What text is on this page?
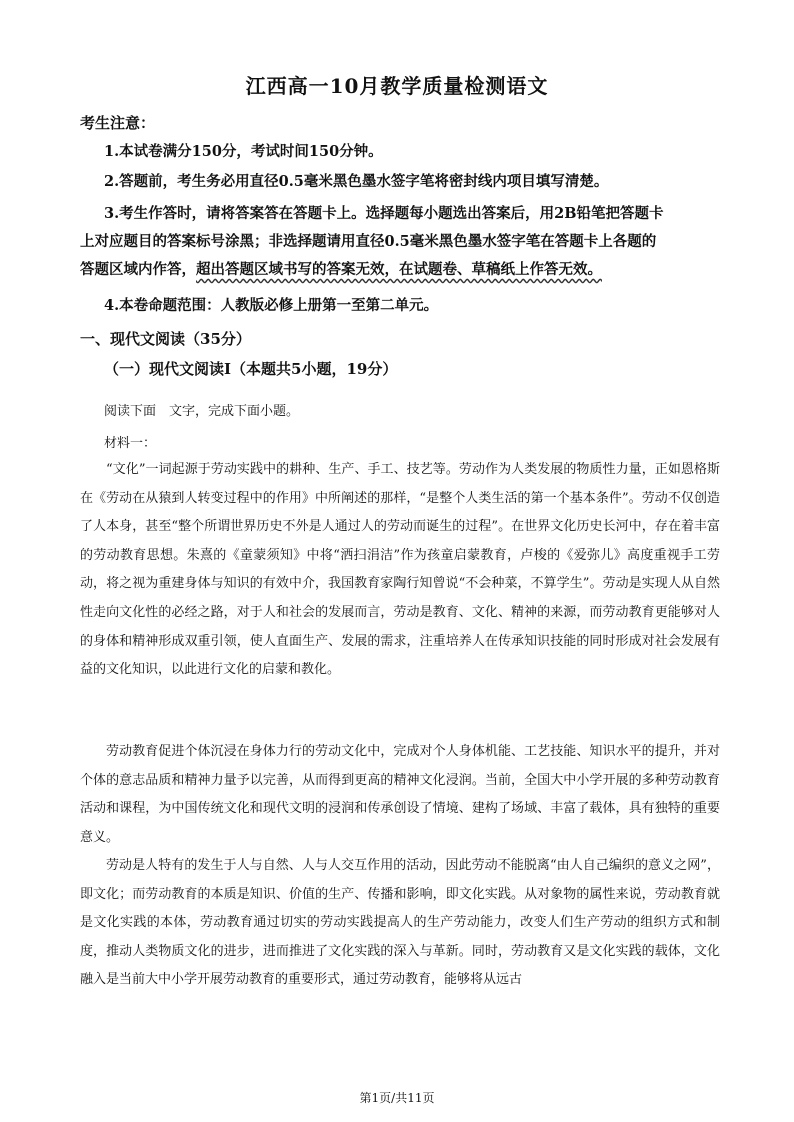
江西高一10月教学质量检测语文
考生注意：
1.本试卷满分150分，考试时间150分钟。
2.答题前，考生务必用直径0.5毫米黑色墨水签字笔将密封线内项目填写清楚。
3.考生作答时，请将答案答在答题卡上。选择题每小题选出答案后，用2B铅笔把答题卡
上对应题目的答案标号涂黑；非选择题请用直径0.5毫米黑色墨水签字笔在答题卡上各题的
答题区域内作答，超出答题区域书写的答案无效，在试题卷、草稿纸上作答无效。
4.本卷命题范围：人教版必修上册第一至第二单元。
一、现代文阅读（35分）
（一）现代文阅读Ⅰ（本题共5小题，19分）
阅读下面　文字，完成下面小题。
材料一：
“文化”一词起源于劳动实践中的耕种、生产、手工、技艺等。劳动作为人类发展的物质性力量，正如恩格斯在《劳动在从猿到人转变过程中的作用》中所阐述的那样，“是整个人类生活的第一个基本条件”。劳动不仅创造了人本身，甚至“整个所谓世界历史不外是人通过人的劳动而诞生的过程”。在世界文化历史长河中，存在着丰富的劳动教育思想。朱熹的《童蒙须知》中将“洒扫涓洁”作为孩童启蒙教育，卢梭的《爱弥儿》高度重视手工劳动，将之视为重建身体与知识的有效中介，我国教育家陶行知曾说“不会种菜，不算学生”。劳动是实现人从自然性走向文化性的必经之路，对于人和社会的发展而言，劳动是教育、文化、精神的来源，而劳动教育更能够对人的身体和精神形成双重引领，使人直面生产、发展的需求，注重培养人在传承知识技能的同时形成对社会发展有益的文化知识，以此进行文化的启蒙和教化。
劳动教育促进个体沉浸在身体力行的劳动文化中，完成对个人身体机能、工艺技能、知识水平的提升，并对个体的意志品质和精神力量予以完善，从而得到更高的精神文化浸润。当前，全国大中小学开展的多种劳动教育活动和课程，为中国传统文化和现代文明的浸润和传承创设了情境、建构了场域、丰富了载体，具有独特的重要意义。
劳动是人特有的发生于人与自然、人与人交互作用的活动，因此劳动不能脱离“由人自己编织的意义之网”，即文化；而劳动教育的本质是知识、价值的生产、传播和影响，即文化实践。从对象物的属性来说，劳动教育就是文化实践的本体，劳动教育通过切实的劳动实践提高人的生产劳动能力，改变人们生产劳动的组织方式和制度，推动人类物质文化的进步，进而推进了文化实践的深入与革新。同时，劳动教育又是文化实践的载体，文化融入是当前大中小学开展劳动教育的重要形式，通过劳动教育，能够将从远古
第1页/共11页
